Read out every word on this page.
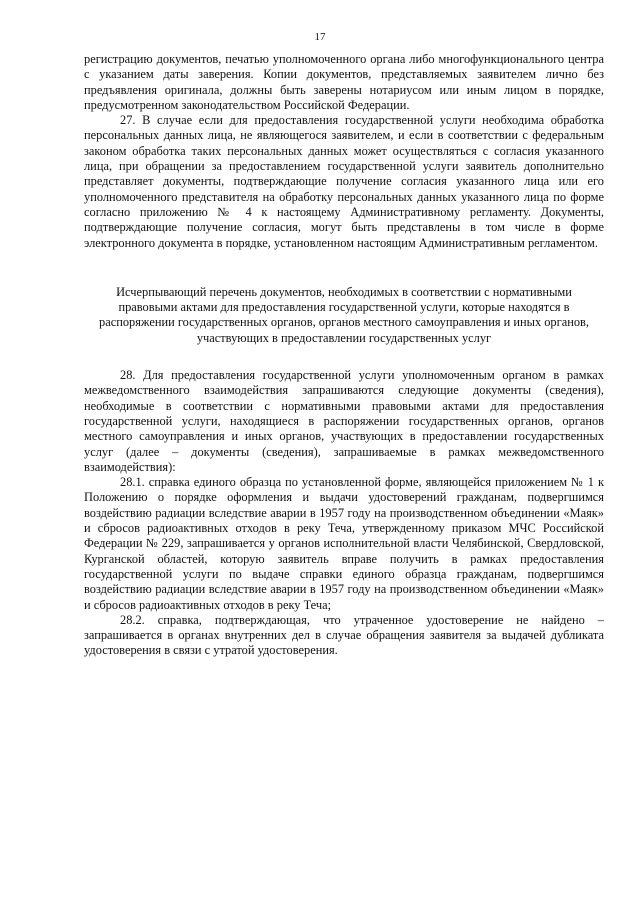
17

регистрацию документов, печатью уполномоченного органа либо многофункционального центра с указанием даты заверения. Копии документов, представляемых заявителем лично без предъявления оригинала, должны быть заверены нотариусом или иным лицом в порядке, предусмотренном законодательством Российской Федерации.

27. В случае если для предоставления государственной услуги необходима обработка персональных данных лица, не являющегося заявителем, и если в соответствии с федеральным законом обработка таких персональных данных может осуществляться с согласия указанного лица, при обращении за предоставлением государственной услуги заявитель дополнительно представляет документы, подтверждающие получение согласия указанного лица или его уполномоченного представителя на обработку персональных данных указанного лица по форме согласно приложению № 4 к настоящему Административному регламенту. Документы, подтверждающие получение согласия, могут быть представлены в том числе в форме электронного документа в порядке, установленном настоящим Административным регламентом.

Исчерпывающий перечень документов, необходимых в соответствии с нормативными правовыми актами для предоставления государственной услуги, которые находятся в распоряжении государственных органов, органов местного самоуправления и иных органов, участвующих в предоставлении государственных услуг

28. Для предоставления государственной услуги уполномоченным органом в рамках межведомственного взаимодействия запрашиваются следующие документы (сведения), необходимые в соответствии с нормативными правовыми актами для предоставления государственной услуги, находящиеся в распоряжении государственных органов, органов местного самоуправления и иных органов, участвующих в предоставлении государственных услуг (далее – документы (сведения), запрашиваемые в рамках межведомственного взаимодействия):

28.1. справка единого образца по установленной форме, являющейся приложением № 1 к Положению о порядке оформления и выдачи удостоверений гражданам, подвергшимся воздействию радиации вследствие аварии в 1957 году на производственном объединении «Маяк» и сбросов радиоактивных отходов в реку Теча, утвержденному приказом МЧС Российской Федерации № 229, запрашивается у органов исполнительной власти Челябинской, Свердловской, Курганской областей, которую заявитель вправе получить в рамках предоставления государственной услуги по выдаче справки единого образца гражданам, подвергшимся воздействию радиации вследствие аварии в 1957 году на производственном объединении «Маяк» и сбросов радиоактивных отходов в реку Теча;

28.2. справка, подтверждающая, что утраченное удостоверение не найдено – запрашивается в органах внутренних дел в случае обращения заявителя за выдачей дубликата удостоверения в связи с утратой удостоверения.
